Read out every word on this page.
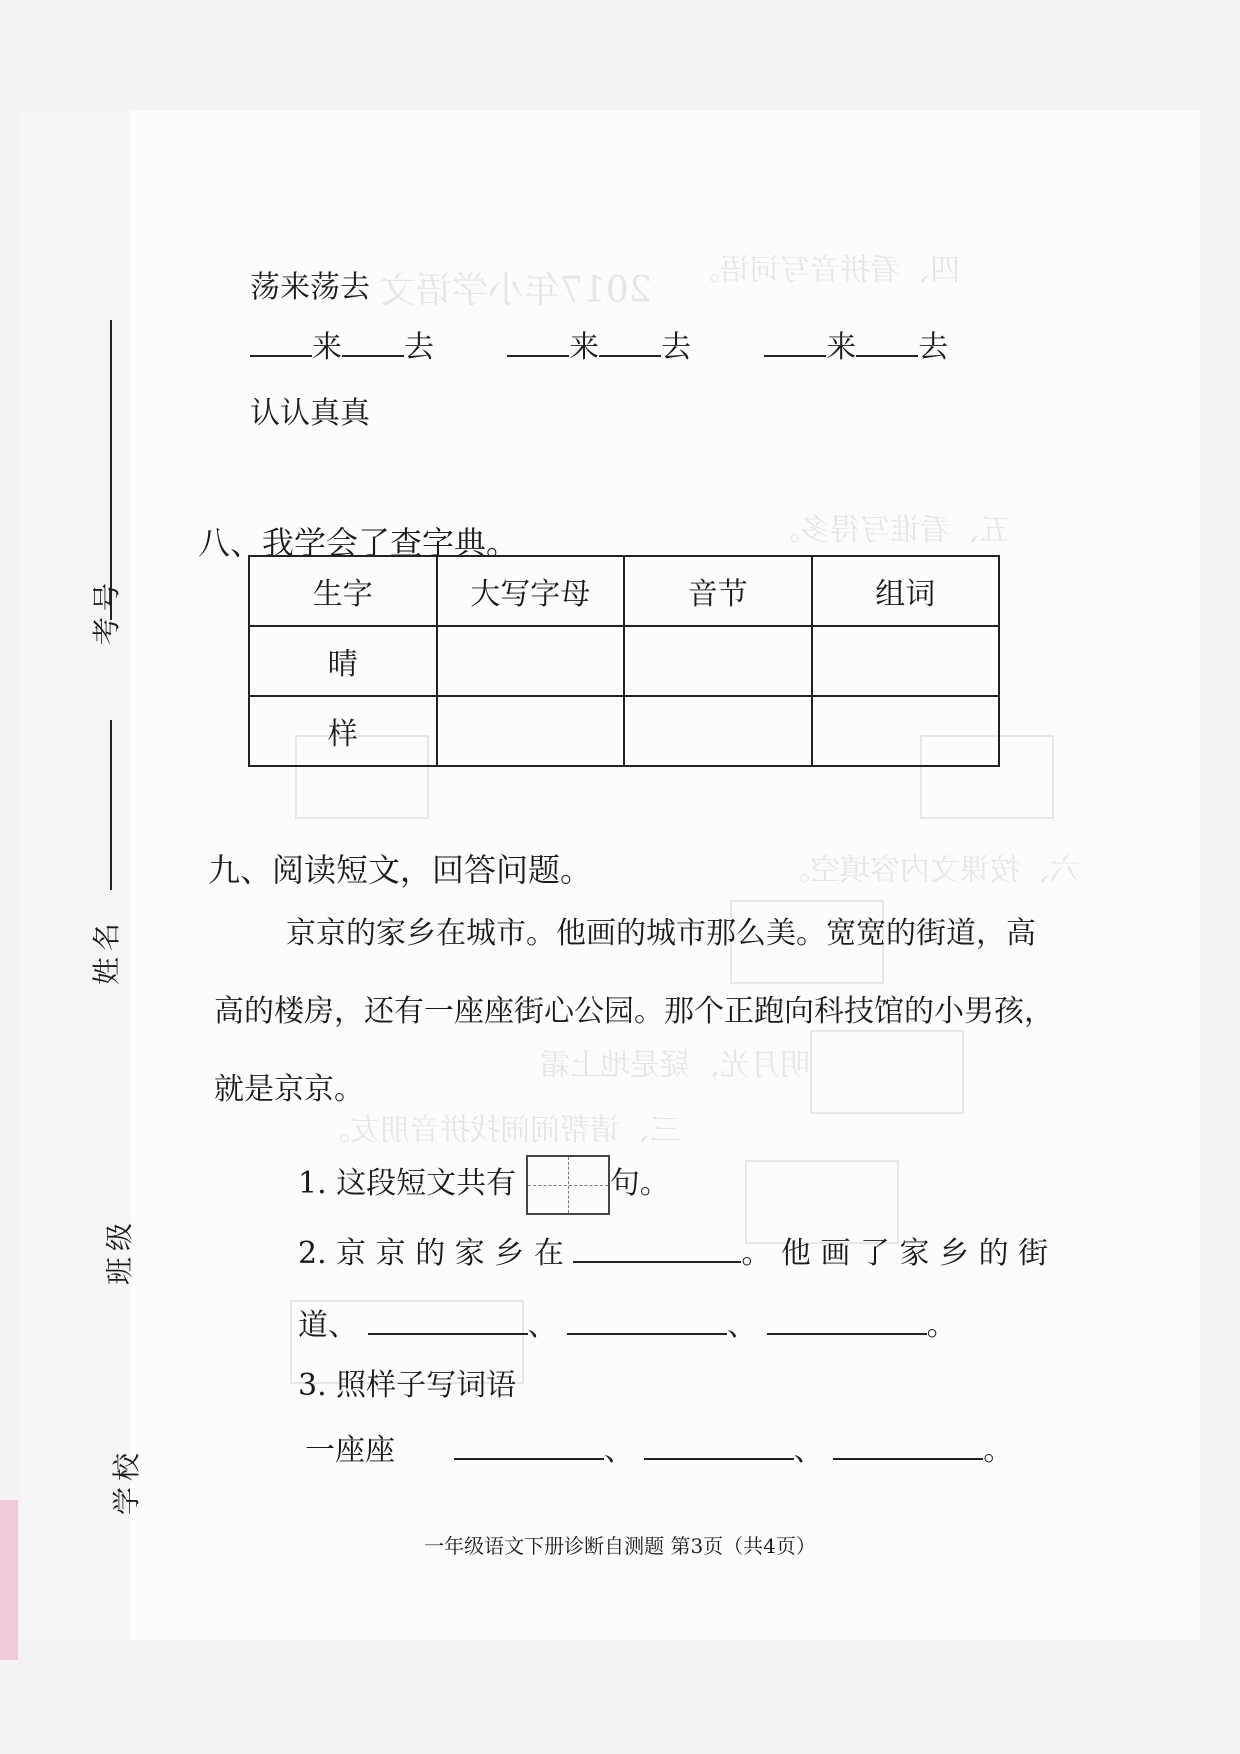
2017年小学语文 四、看拼音写词语。
五、看谁写得多。
六、按课文内容填空。
三、请帮闹闹找拼音朋友。
明月光，疑是地上霜
考号
姓名
班级
学校
荡来荡去
来 去	来 去	来 去
认认真真
八、我学会了查字典。
生字	大写字母	音节	组词
晴			
样			
九、阅读短文，回答问题。
京京的家乡在城市。他画的城市那么美。宽宽的街道，高高的楼房，还有一座座街心公园。那个正跑向科技馆的小男孩，就是京京。
1. 这段短文共有	句。
2. 京 京 的 家 乡 在	。 他 画 了 家 乡 的 街
道、	、	、	。
3. 照样子写词语
一座座	、	、	。
一年级语文下册诊断自测题 第3页（共4页）
